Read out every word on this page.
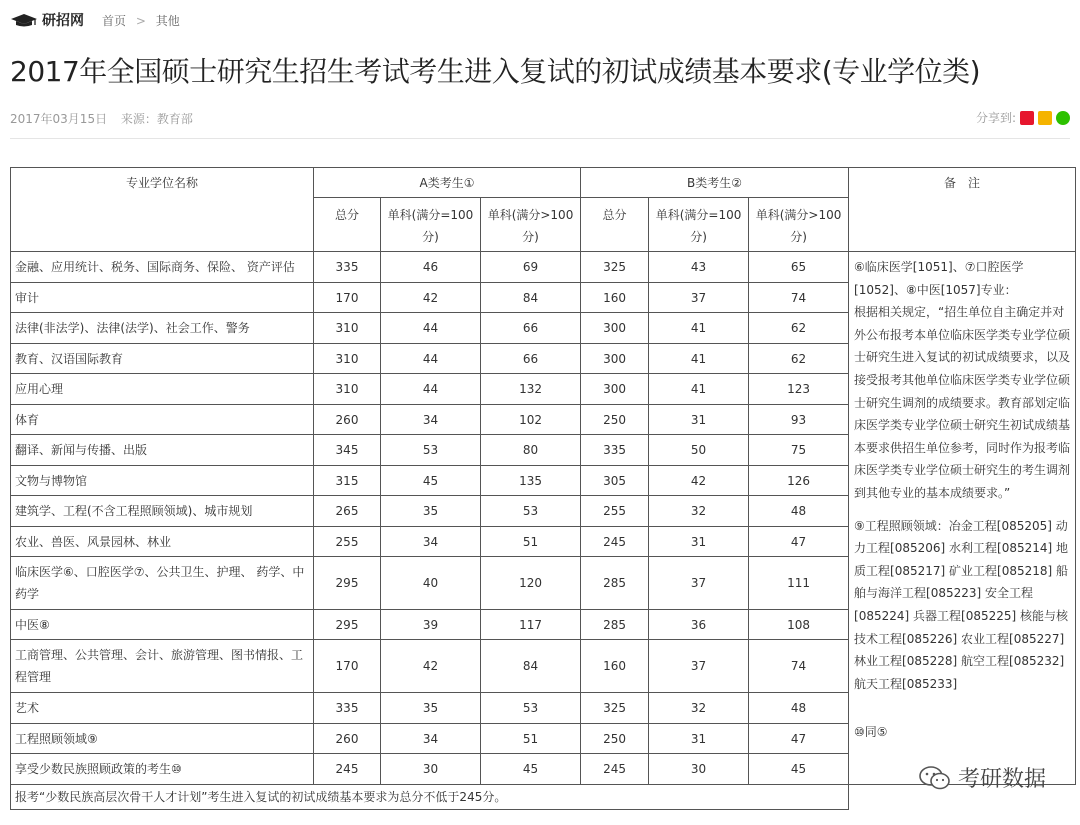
研招网 首页 > 其他
2017年全国硕士研究生招生考试考生进入复试的初试成绩基本要求(专业学位类)
2017年03月15日 来源：教育部	分享到:
专业学位名称	A类考生①			B类考生②			备　注
	总分	单科(满分=100分)	单科(满分>100分)	总分	单科(满分=100分)	单科(满分>100分)	
金融、应用统计、税务、国际商务、保险、 资产评估	335	46	69	325	43	65	⑥临床医学[1051]、⑦口腔医学[1052]、⑧中医[1057]专业：

根据相关规定，“招生单位自主确定并对外公布报考本单位临床医学类专业学位硕士研究生进入复试的初试成绩要求，以及接受报考其他单位临床医学类专业学位硕士研究生调剂的成绩要求。教育部划定临床医学类专业学位硕士研究生初试成绩基本要求供招生单位参考，同时作为报考临床医学类专业学位硕士研究生的考生调剂到其他专业的基本成绩要求。”

⑨工程照顾领域：冶金工程[085205] 动力工程[085206] 水利工程[085214] 地质工程[085217] 矿业工程[085218] 船舶与海洋工程[085223] 安全工程[085224] 兵器工程[085225] 核能与核技术工程[085226] 农业工程[085227] 林业工程[085228] 航空工程[085232] 航天工程[085233]

⑩同⑤

审计	170	42	84	160	37	74	
法律(非法学)、法律(法学)、社会工作、警务	310	44	66	300	41	62	
教育、汉语国际教育	310	44	66	300	41	62	
应用心理	310	44	132	300	41	123	
体育	260	34	102	250	31	93	
翻译、新闻与传播、出版	345	53	80	335	50	75	
文物与博物馆	315	45	135	305	42	126	
建筑学、工程(不含工程照顾领域)、城市规划	265	35	53	255	32	48	
农业、兽医、风景园林、林业	255	34	51	245	31	47	
临床医学⑥、口腔医学⑦、公共卫生、护理、 药学、中药学	295	40	120	285	37	111	
中医⑧	295	39	117	285	36	108	
工商管理、公共管理、会计、旅游管理、图书情报、工程管理	170	42	84	160	37	74	
艺术	335	35	53	325	32	48	
工程照顾领域⑨	260	34	51	250	31	47	
享受少数民族照顾政策的考生⑩	245	30	45	245	30	45	
报考“少数民族高层次骨干人才计划”考生进入复试的初试成绩基本要求为总分不低于245分。							
考研数据
